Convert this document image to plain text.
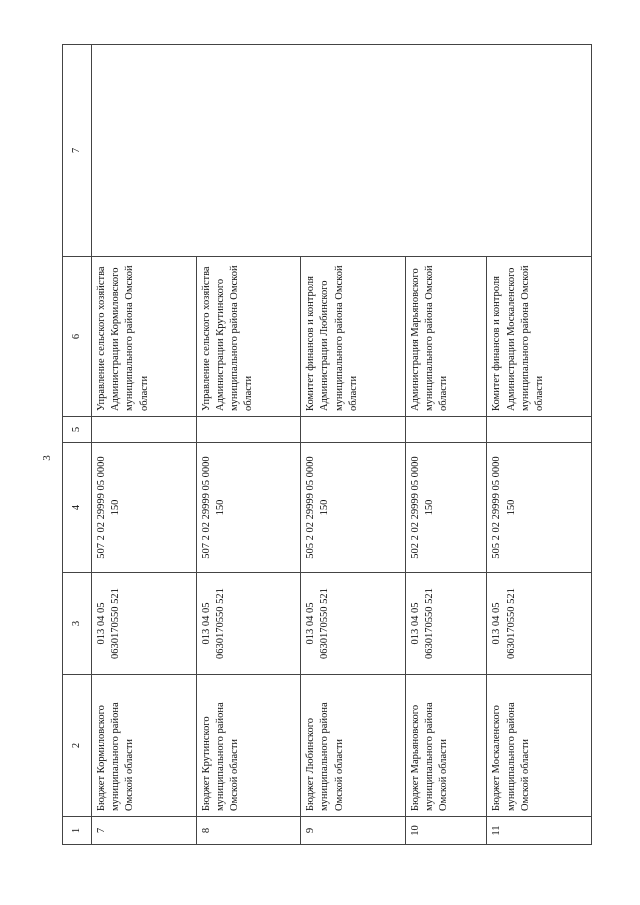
3
1	2	3	4	5	6	7
7	Бюджет Кормиловского муниципального района Омской области	013 04 05 0630170550 521	507 2 02 29999 05 0000 150		Управление сельского хозяйства Администрации Кормиловского муниципального района Омской области	
8	Бюджет Крутинского муниципального района Омской области	013 04 05 0630170550 521	507 2 02 29999 05 0000 150		Управление сельского хозяйства Администрации Крутинского муниципального района Омской области	
9	Бюджет Любинского муниципального района Омской области	013 04 05 0630170550 521	505 2 02 29999 05 0000 150		Комитет финансов и контроля Администрации Любинского муниципального района Омской области	
10	Бюджет Марьяновского муниципального района Омской области	013 04 05 0630170550 521	502 2 02 29999 05 0000 150		Администрация Марьяновского муниципального района Омской области	
11	Бюджет Москаленского муниципального района Омской области	013 04 05 0630170550 521	505 2 02 29999 05 0000 150		Комитет финансов и контроля Администрации Москаленского муниципального района Омской области	
